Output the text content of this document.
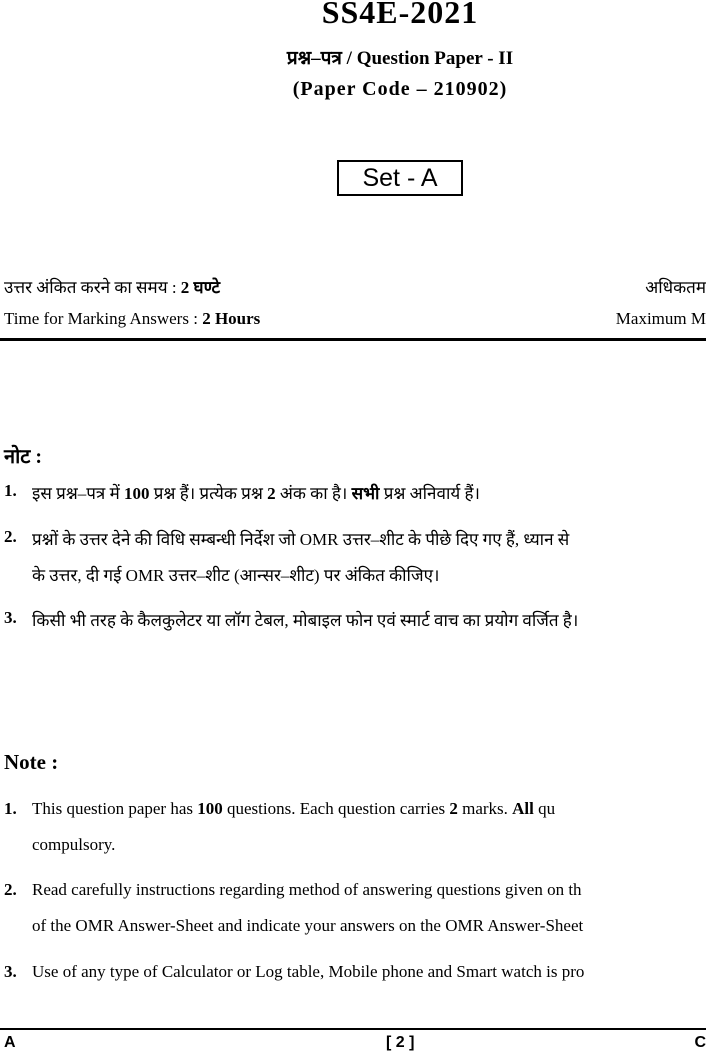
SS4E-2021
प्रश्न–पत्र / Question Paper - II
(Paper Code – 210902)
Set - A
उत्तर अंकित करने का समय : 2 घण्टे	अधिकतम
Time for Marking Answers : 2 Hours	Maximum M
नोट :
1. इस प्रश्न–पत्र में 100 प्रश्न हैं। प्रत्येक प्रश्न 2 अंक का है। सभी प्रश्न अनिवार्य हैं।
2. प्रश्नों के उत्तर देने की विधि सम्बन्धी निर्देश जो OMR उत्तर–शीट के पीछे दिए गए हैं, ध्यान से
के उत्तर, दी गई OMR उत्तर–शीट (आन्सर–शीट) पर अंकित कीजिए।
3. किसी भी तरह के कैलकुलेटर या लॉग टेबल, मोबाइल फोन एवं स्मार्ट वाच का प्रयोग वर्जित है।
Note :
1. This question paper has 100 questions. Each question carries 2 marks. All qu
compulsory.
2. Read carefully instructions regarding method of answering questions given on th
of the OMR Answer-Sheet and indicate your answers on the OMR Answer-Sheet
3. Use of any type of Calculator or Log table, Mobile phone and Smart watch is pro
A	[ 2 ]	C
